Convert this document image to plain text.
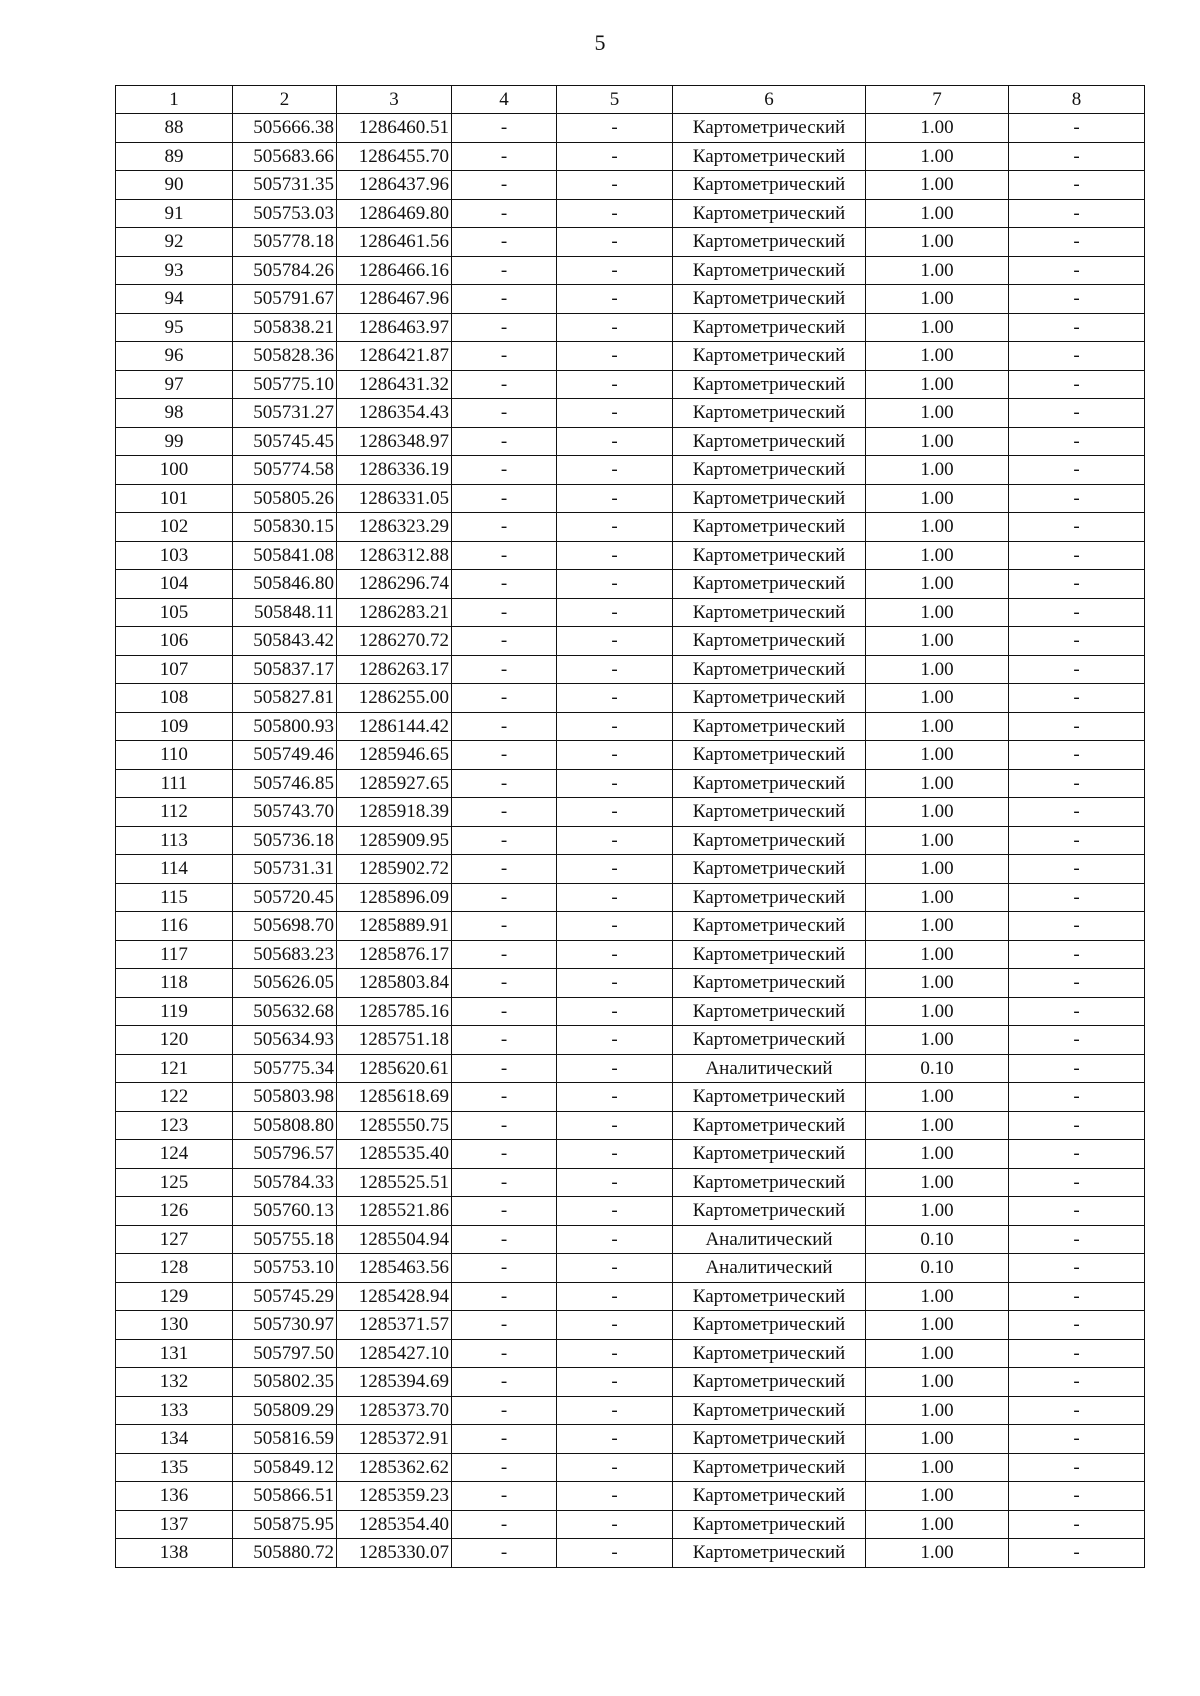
5
1	2	3	4	5	6	7	8
88	505666.38	1286460.51	-	-	Картометрический	1.00	-
89	505683.66	1286455.70	-	-	Картометрический	1.00	-
90	505731.35	1286437.96	-	-	Картометрический	1.00	-
91	505753.03	1286469.80	-	-	Картометрический	1.00	-
92	505778.18	1286461.56	-	-	Картометрический	1.00	-
93	505784.26	1286466.16	-	-	Картометрический	1.00	-
94	505791.67	1286467.96	-	-	Картометрический	1.00	-
95	505838.21	1286463.97	-	-	Картометрический	1.00	-
96	505828.36	1286421.87	-	-	Картометрический	1.00	-
97	505775.10	1286431.32	-	-	Картометрический	1.00	-
98	505731.27	1286354.43	-	-	Картометрический	1.00	-
99	505745.45	1286348.97	-	-	Картометрический	1.00	-
100	505774.58	1286336.19	-	-	Картометрический	1.00	-
101	505805.26	1286331.05	-	-	Картометрический	1.00	-
102	505830.15	1286323.29	-	-	Картометрический	1.00	-
103	505841.08	1286312.88	-	-	Картометрический	1.00	-
104	505846.80	1286296.74	-	-	Картометрический	1.00	-
105	505848.11	1286283.21	-	-	Картометрический	1.00	-
106	505843.42	1286270.72	-	-	Картометрический	1.00	-
107	505837.17	1286263.17	-	-	Картометрический	1.00	-
108	505827.81	1286255.00	-	-	Картометрический	1.00	-
109	505800.93	1286144.42	-	-	Картометрический	1.00	-
110	505749.46	1285946.65	-	-	Картометрический	1.00	-
111	505746.85	1285927.65	-	-	Картометрический	1.00	-
112	505743.70	1285918.39	-	-	Картометрический	1.00	-
113	505736.18	1285909.95	-	-	Картометрический	1.00	-
114	505731.31	1285902.72	-	-	Картометрический	1.00	-
115	505720.45	1285896.09	-	-	Картометрический	1.00	-
116	505698.70	1285889.91	-	-	Картометрический	1.00	-
117	505683.23	1285876.17	-	-	Картометрический	1.00	-
118	505626.05	1285803.84	-	-	Картометрический	1.00	-
119	505632.68	1285785.16	-	-	Картометрический	1.00	-
120	505634.93	1285751.18	-	-	Картометрический	1.00	-
121	505775.34	1285620.61	-	-	Аналитический	0.10	-
122	505803.98	1285618.69	-	-	Картометрический	1.00	-
123	505808.80	1285550.75	-	-	Картометрический	1.00	-
124	505796.57	1285535.40	-	-	Картометрический	1.00	-
125	505784.33	1285525.51	-	-	Картометрический	1.00	-
126	505760.13	1285521.86	-	-	Картометрический	1.00	-
127	505755.18	1285504.94	-	-	Аналитический	0.10	-
128	505753.10	1285463.56	-	-	Аналитический	0.10	-
129	505745.29	1285428.94	-	-	Картометрический	1.00	-
130	505730.97	1285371.57	-	-	Картометрический	1.00	-
131	505797.50	1285427.10	-	-	Картометрический	1.00	-
132	505802.35	1285394.69	-	-	Картометрический	1.00	-
133	505809.29	1285373.70	-	-	Картометрический	1.00	-
134	505816.59	1285372.91	-	-	Картометрический	1.00	-
135	505849.12	1285362.62	-	-	Картометрический	1.00	-
136	505866.51	1285359.23	-	-	Картометрический	1.00	-
137	505875.95	1285354.40	-	-	Картометрический	1.00	-
138	505880.72	1285330.07	-	-	Картометрический	1.00	-
